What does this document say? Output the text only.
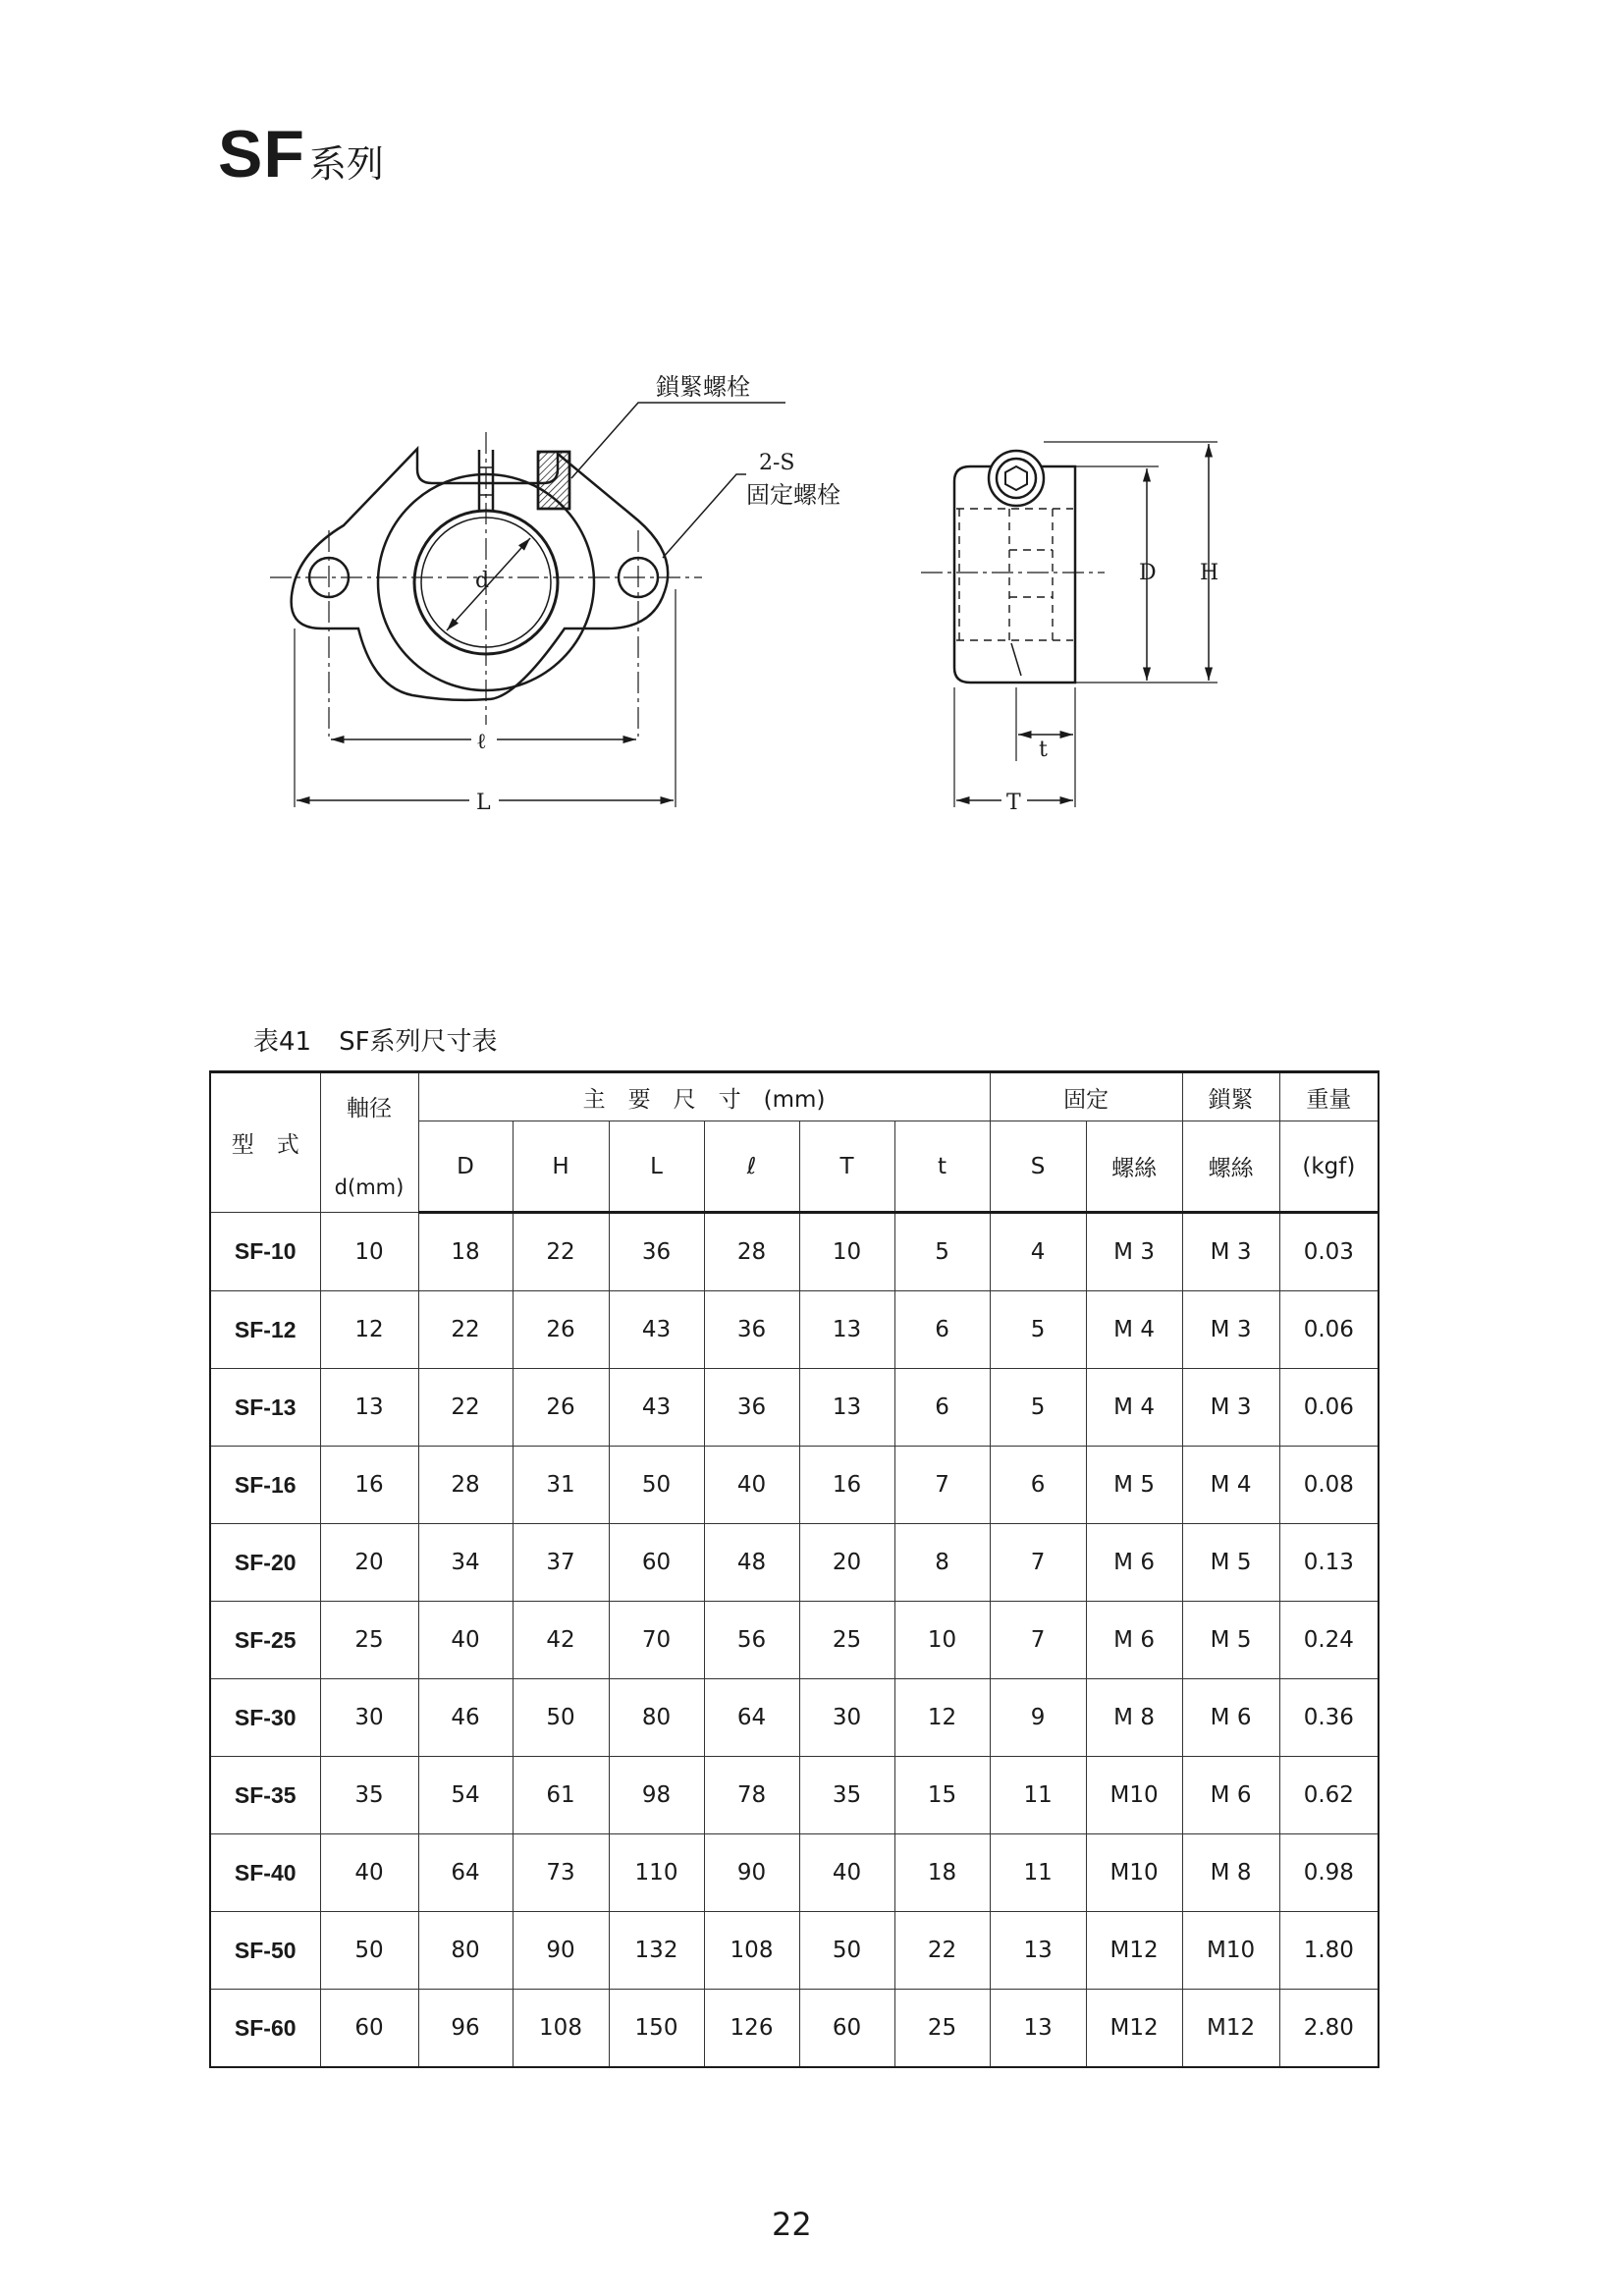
SF 系列
d
ℓ
L
鎖緊螺栓
2-S
固定螺栓
D H
t
T
表41 SF系列尺寸表
型　式	軸径
d(mm)	主　要　尺　寸　(mm)						固定		鎖緊	重量
		D	H	L	ℓ	T	t	S	螺絲	螺絲	(kgf)
SF-10	10	18	22	36	28	10	5	4	M 3	M 3	0.03
SF-12	12	22	26	43	36	13	6	5	M 4	M 3	0.06
SF-13	13	22	26	43	36	13	6	5	M 4	M 3	0.06
SF-16	16	28	31	50	40	16	7	6	M 5	M 4	0.08
SF-20	20	34	37	60	48	20	8	7	M 6	M 5	0.13
SF-25	25	40	42	70	56	25	10	7	M 6	M 5	0.24
SF-30	30	46	50	80	64	30	12	9	M 8	M 6	0.36
SF-35	35	54	61	98	78	35	15	11	M10	M 6	0.62
SF-40	40	64	73	110	90	40	18	11	M10	M 8	0.98
SF-50	50	80	90	132	108	50	22	13	M12	M10	1.80
SF-60	60	96	108	150	126	60	25	13	M12	M12	2.80
22
